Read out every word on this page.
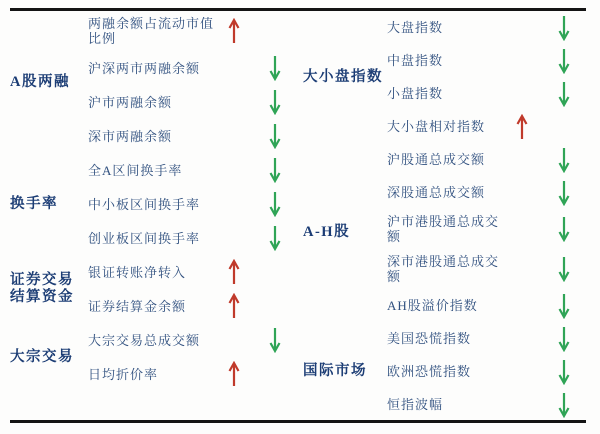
A股两融
两融余额占流动市值比例
沪深两市两融余额
沪市两融余额
深市两融余额
换手率
全A区间换手率
中小板区间换手率
创业板区间换手率
证券交易结算资金
银证转账净转入
证券结算金余额
大宗交易
大宗交易总成交额
日均折价率
大小盘指数
大盘指数
中盘指数
小盘指数
大小盘相对指数
A-H股
沪股通总成交额
深股通总成交额
沪市港股通总成交额
深市港股通总成交额
AH股溢价指数
国际市场
美国恐慌指数
欧洲恐慌指数
恒指波幅
